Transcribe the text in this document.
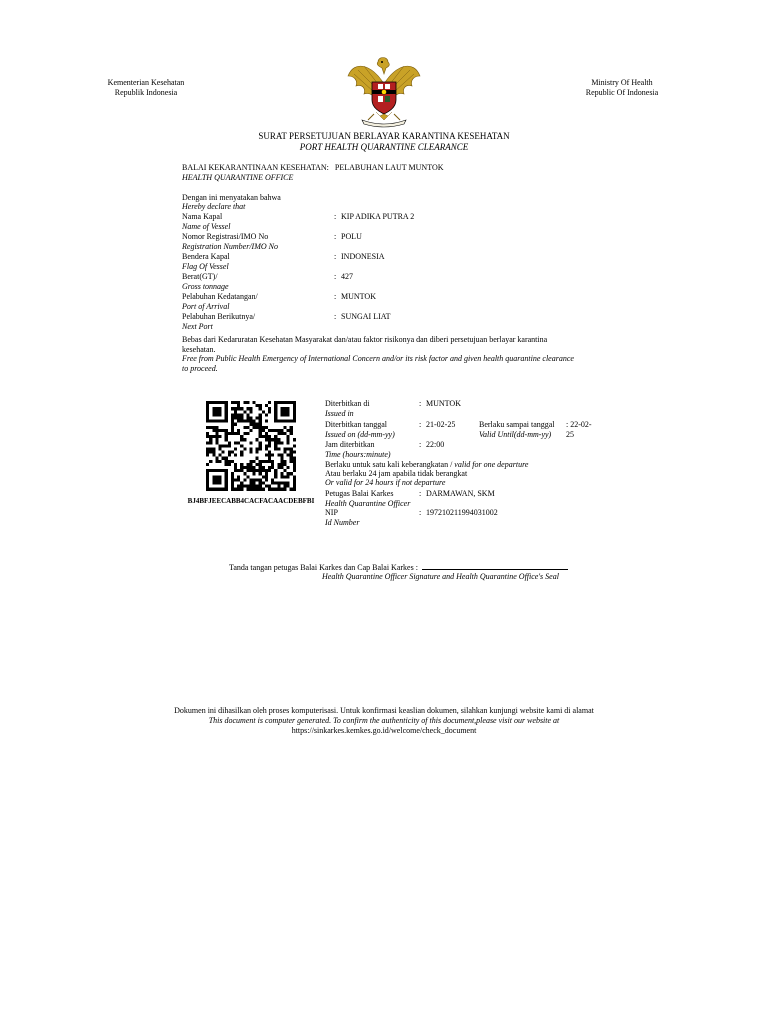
Kementerian Kesehatan
Republik Indonesia
Ministry Of Health
Republic Of Indonesia
SURAT PERSETUJUAN BERLAYAR KARANTINA KESEHATAN
PORT HEALTH QUARANTINE CLEARANCE
BALAI KEKARANTINAAN KESEHATAN: PELABUHAN LAUT MUNTOK
HEALTH QUARANTINE OFFICE
Dengan ini menyatakan bahwa
Hereby declare that
Nama Kapal
Name of Vessel
: KIP ADIKA PUTRA 2
Nomor Registrasi/IMO No
Registration Number/IMO No
: POLU
Bendera Kapal
Flag Of Vessel
: INDONESIA
Berat(GT)/
Gross tonnage
: 427
Pelabuhan Kedatangan/
Port of Arrival
: MUNTOK
Pelabuhan Berikutnya/
Next Port
: SUNGAI LIAT
Bebas dari Kedaruratan Kesehatan Masyarakat dan/atau faktor risikonya dan diberi persetujuan berlayar karantina kesehatan.
Free from Public Health Emergency of International Concern and/or its risk factor and given health quarantine clearance to proceed.
BJ4BFJEECABB4CACFACAACDEBFBI
Diterbitkan di
Issued in
: MUNTOK
Diterbitkan tanggal
Issued on (dd-mm-yy)
: 21-02-25	Berlaku sampai tanggal
Valid Until(dd-mm-yy)
: 22-02-25
Jam diterbitkan
Time (hours:minute)
: 22:00
Berlaku untuk satu kali keberangkatan / valid for one departure
Atau berlaku 24 jam apabila tidak berangkat
Or valid for 24 hours if not departure
Petugas Balai Karkes
Health Quarantine Officer
: DARMAWAN, SKM
NIP
Id Number
: 197210211994031002
Tanda tangan petugas Balai Karkes dan Cap Balai Karkes :
Health Quarantine Officer Signature and Health Quarantine Office's Seal
Dokumen ini dihasilkan oleh proses komputerisasi. Untuk konfirmasi keaslian dokumen, silahkan kunjungi website kami di alamat
This document is computer generated. To confirm the authenticity of this document,please visit our website at
https://sinkarkes.kemkes.go.id/welcome/check_document
